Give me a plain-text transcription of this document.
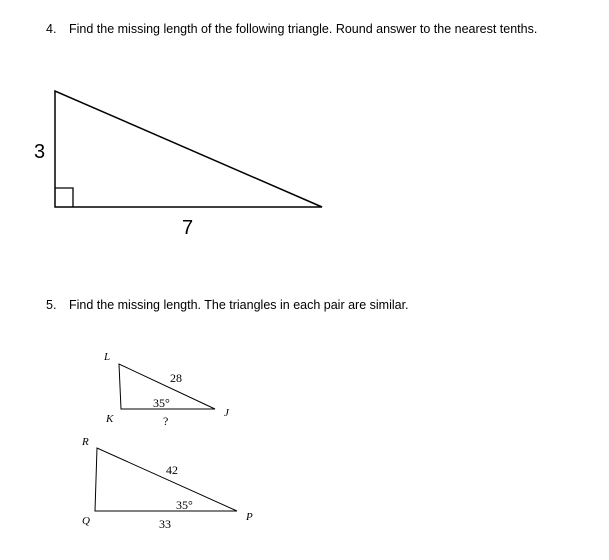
4. Find the missing length of the following triangle. Round answer to the nearest tenths.
3
7
L
K	J
28
35°
?
R
Q	P
42
35°
33
5. Find the missing length. The triangles in each pair are similar.
